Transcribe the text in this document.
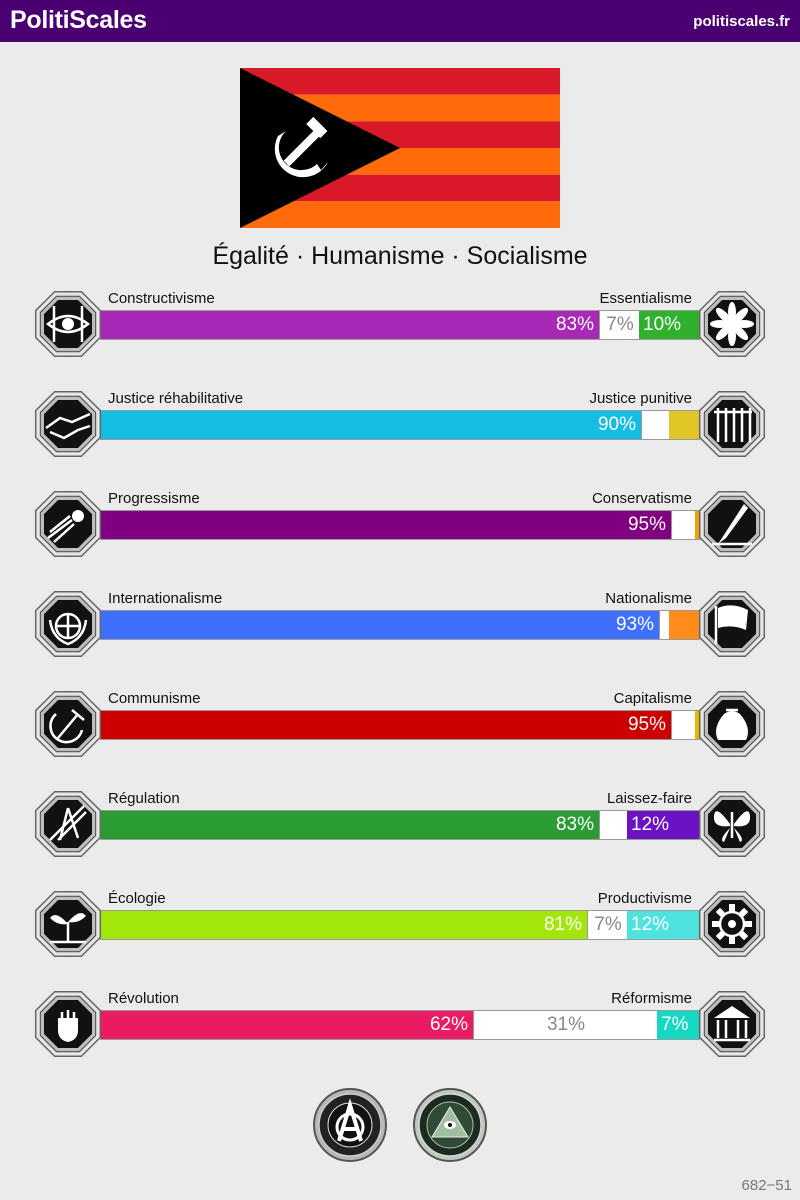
PolitiScales	politiscales.fr
Égalité · Humanisme · Socialisme
Constructivisme	Essentialisme
83% 7% 10%
Justice réhabilitative	Justice punitive
90%
Progressisme	Conservatisme
95%
Internationalisme	Nationalisme
93%
Communisme	Capitalisme
95%
Régulation	Laissez-faire
83% 12%
Écologie	Productivisme
81% 7% 12%
Révolution	Réformisme
62%	31%	7%
682−51
